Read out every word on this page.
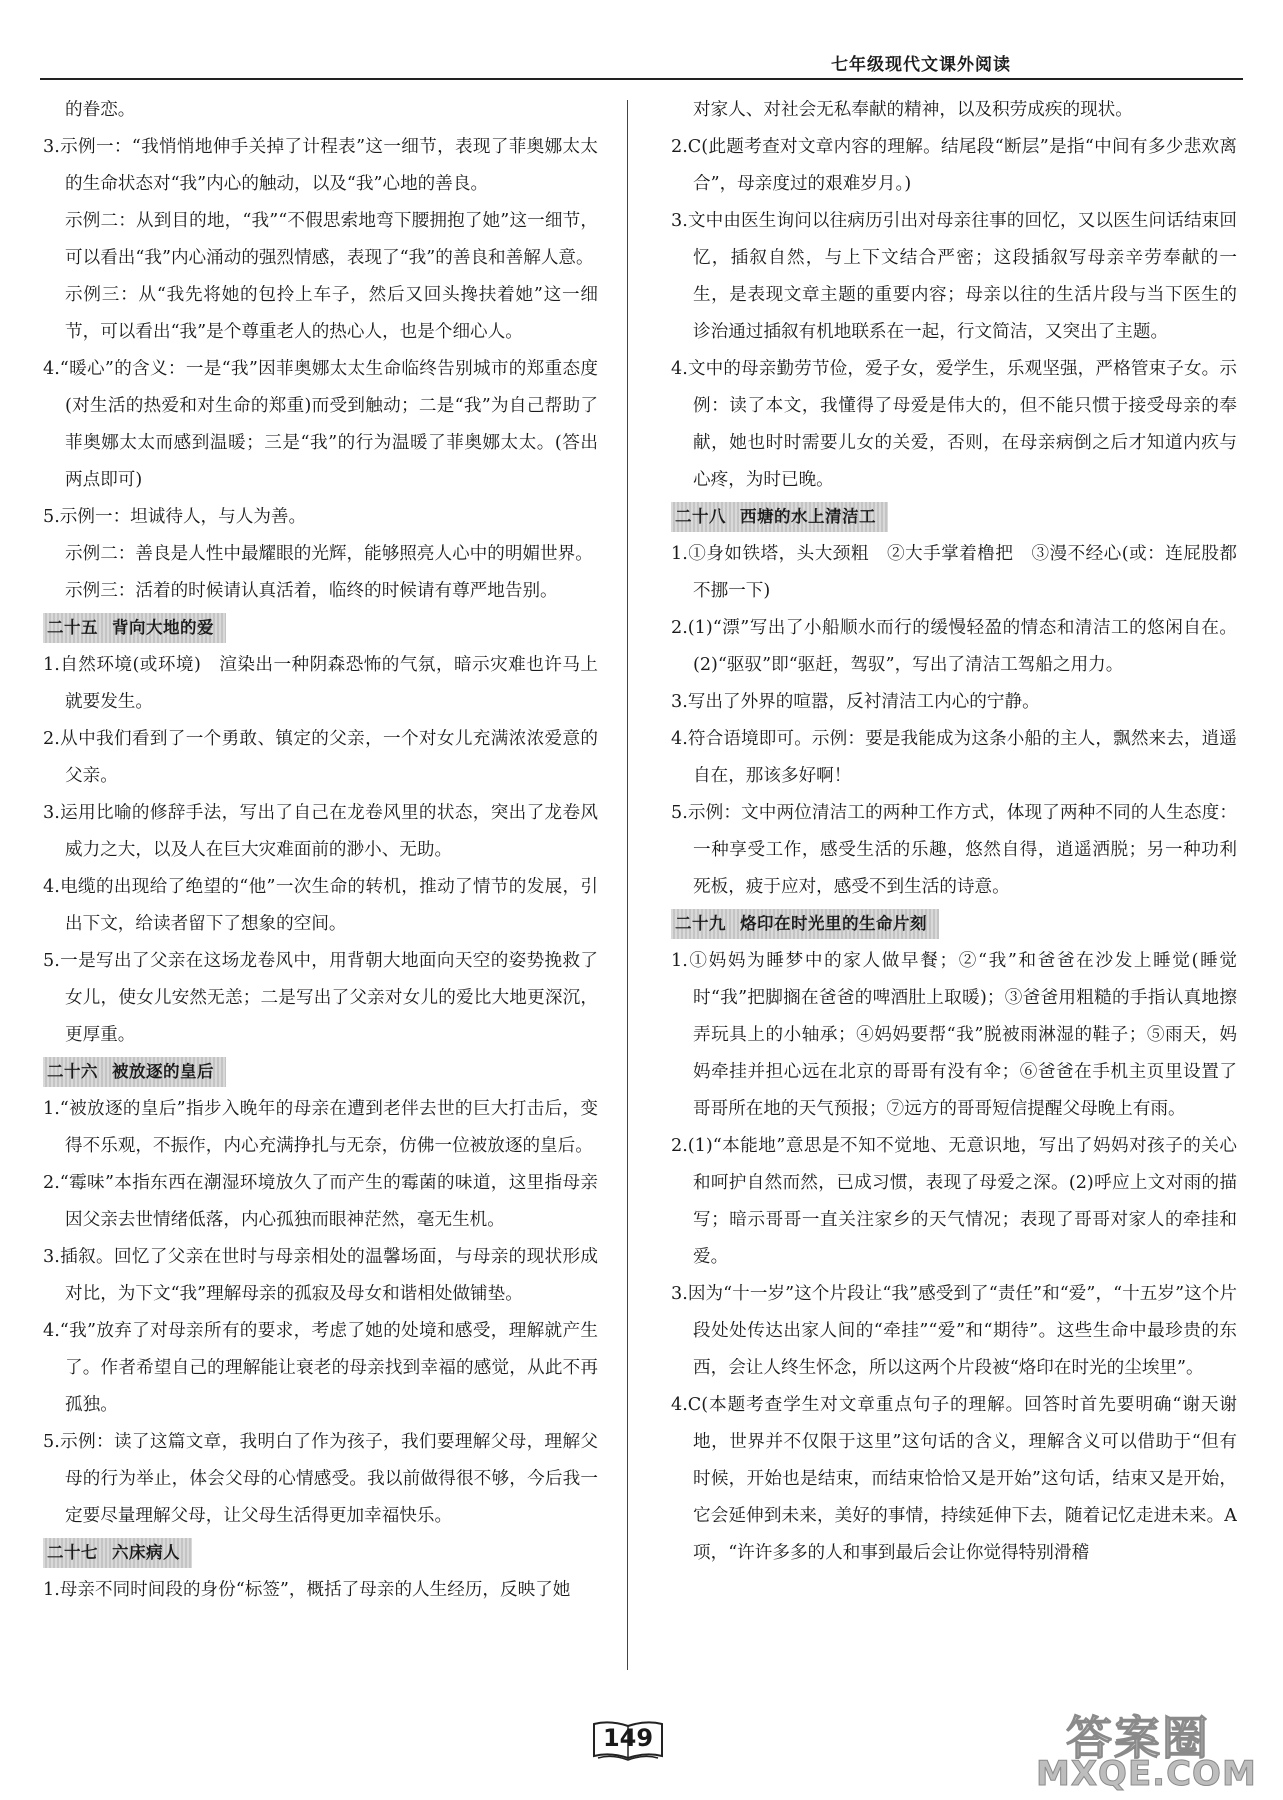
七年级现代文课外阅读

的眷恋。

3.示例一：“我悄悄地伸手关掉了计程表”这一细节，表现了菲奥娜太太的生命状态对“我”内心的触动，以及“我”心地的善良。

示例二：从到目的地，“我”“不假思索地弯下腰拥抱了她”这一细节，可以看出“我”内心涌动的强烈情感，表现了“我”的善良和善解人意。

示例三：从“我先将她的包拎上车子，然后又回头搀扶着她”这一细节，可以看出“我”是个尊重老人的热心人，也是个细心人。

4.“暖心”的含义：一是“我”因菲奥娜太太生命临终告别城市的郑重态度(对生活的热爱和对生命的郑重)而受到触动；二是“我”为自己帮助了菲奥娜太太而感到温暖；三是“我”的行为温暖了菲奥娜太太。(答出两点即可)

5.示例一：坦诚待人，与人为善。

示例二：善良是人性中最耀眼的光辉，能够照亮人心中的明媚世界。

示例三：活着的时候请认真活着，临终的时候请有尊严地告别。

二十五 背向大地的爱

1.自然环境(或环境)　渲染出一种阴森恐怖的气氛，暗示灾难也许马上就要发生。

2.从中我们看到了一个勇敢、镇定的父亲，一个对女儿充满浓浓爱意的父亲。

3.运用比喻的修辞手法，写出了自己在龙卷风里的状态，突出了龙卷风威力之大，以及人在巨大灾难面前的渺小、无助。

4.电缆的出现给了绝望的“他”一次生命的转机，推动了情节的发展，引出下文，给读者留下了想象的空间。

5.一是写出了父亲在这场龙卷风中，用背朝大地面向天空的姿势挽救了女儿，使女儿安然无恙；二是写出了父亲对女儿的爱比大地更深沉，更厚重。

二十六 被放逐的皇后

1.“被放逐的皇后”指步入晚年的母亲在遭到老伴去世的巨大打击后，变得不乐观，不振作，内心充满挣扎与无奈，仿佛一位被放逐的皇后。

2.“霉味”本指东西在潮湿环境放久了而产生的霉菌的味道，这里指母亲因父亲去世情绪低落，内心孤独而眼神茫然，毫无生机。

3.插叙。回忆了父亲在世时与母亲相处的温馨场面，与母亲的现状形成对比，为下文“我”理解母亲的孤寂及母女和谐相处做铺垫。

4.“我”放弃了对母亲所有的要求，考虑了她的处境和感受，理解就产生了。作者希望自己的理解能让衰老的母亲找到幸福的感觉，从此不再孤独。

5.示例：读了这篇文章，我明白了作为孩子，我们要理解父母，理解父母的行为举止，体会父母的心情感受。我以前做得很不够，今后我一定要尽量理解父母，让父母生活得更加幸福快乐。

二十七 六床病人

1.母亲不同时间段的身份“标签”，概括了母亲的人生经历，反映了她

对家人、对社会无私奉献的精神，以及积劳成疾的现状。

2.C(此题考查对文章内容的理解。结尾段“断层”是指“中间有多少悲欢离合”，母亲度过的艰难岁月。)

3.文中由医生询问以往病历引出对母亲往事的回忆，又以医生问话结束回忆，插叙自然，与上下文结合严密；这段插叙写母亲辛劳奉献的一生，是表现文章主题的重要内容；母亲以往的生活片段与当下医生的诊治通过插叙有机地联系在一起，行文简洁，又突出了主题。

4.文中的母亲勤劳节俭，爱子女，爱学生，乐观坚强，严格管束子女。示例：读了本文，我懂得了母爱是伟大的，但不能只惯于接受母亲的奉献，她也时时需要儿女的关爱，否则，在母亲病倒之后才知道内疚与心疼，为时已晚。

二十八 西塘的水上清洁工

1.①身如铁塔，头大颈粗　②大手掌着橹把　③漫不经心(或：连屁股都不挪一下)

2.(1)“漂”写出了小船顺水而行的缓慢轻盈的情态和清洁工的悠闲自在。(2)“驱驭”即“驱赶，驾驭”，写出了清洁工驾船之用力。

3.写出了外界的喧嚣，反衬清洁工内心的宁静。

4.符合语境即可。示例：要是我能成为这条小船的主人，飘然来去，逍遥自在，那该多好啊！

5.示例：文中两位清洁工的两种工作方式，体现了两种不同的人生态度：一种享受工作，感受生活的乐趣，悠然自得，逍遥洒脱；另一种功利死板，疲于应对，感受不到生活的诗意。

二十九 烙印在时光里的生命片刻

1.①妈妈为睡梦中的家人做早餐；②“我”和爸爸在沙发上睡觉(睡觉时“我”把脚搁在爸爸的啤酒肚上取暖)；③爸爸用粗糙的手指认真地擦弄玩具上的小轴承；④妈妈要帮“我”脱被雨淋湿的鞋子；⑤雨天，妈妈牵挂并担心远在北京的哥哥有没有伞；⑥爸爸在手机主页里设置了哥哥所在地的天气预报；⑦远方的哥哥短信提醒父母晚上有雨。

2.(1)“本能地”意思是不知不觉地、无意识地，写出了妈妈对孩子的关心和呵护自然而然，已成习惯，表现了母爱之深。(2)呼应上文对雨的描写；暗示哥哥一直关注家乡的天气情况；表现了哥哥对家人的牵挂和爱。

3.因为“十一岁”这个片段让“我”感受到了“责任”和“爱”，“十五岁”这个片段处处传达出家人间的“牵挂”“爱”和“期待”。这些生命中最珍贵的东西，会让人终生怀念，所以这两个片段被“烙印在时光的尘埃里”。

4.C(本题考查学生对文章重点句子的理解。回答时首先要明确“谢天谢地，世界并不仅限于这里”这句话的含义，理解含义可以借助于“但有时候，开始也是结束，而结束恰恰又是开始”这句话，结束又是开始，它会延伸到未来，美好的事情，持续延伸下去，随着记忆走进未来。A项，“许许多多的人和事到最后会让你觉得特别滑稽

149	答案圈
MXQE.COM
